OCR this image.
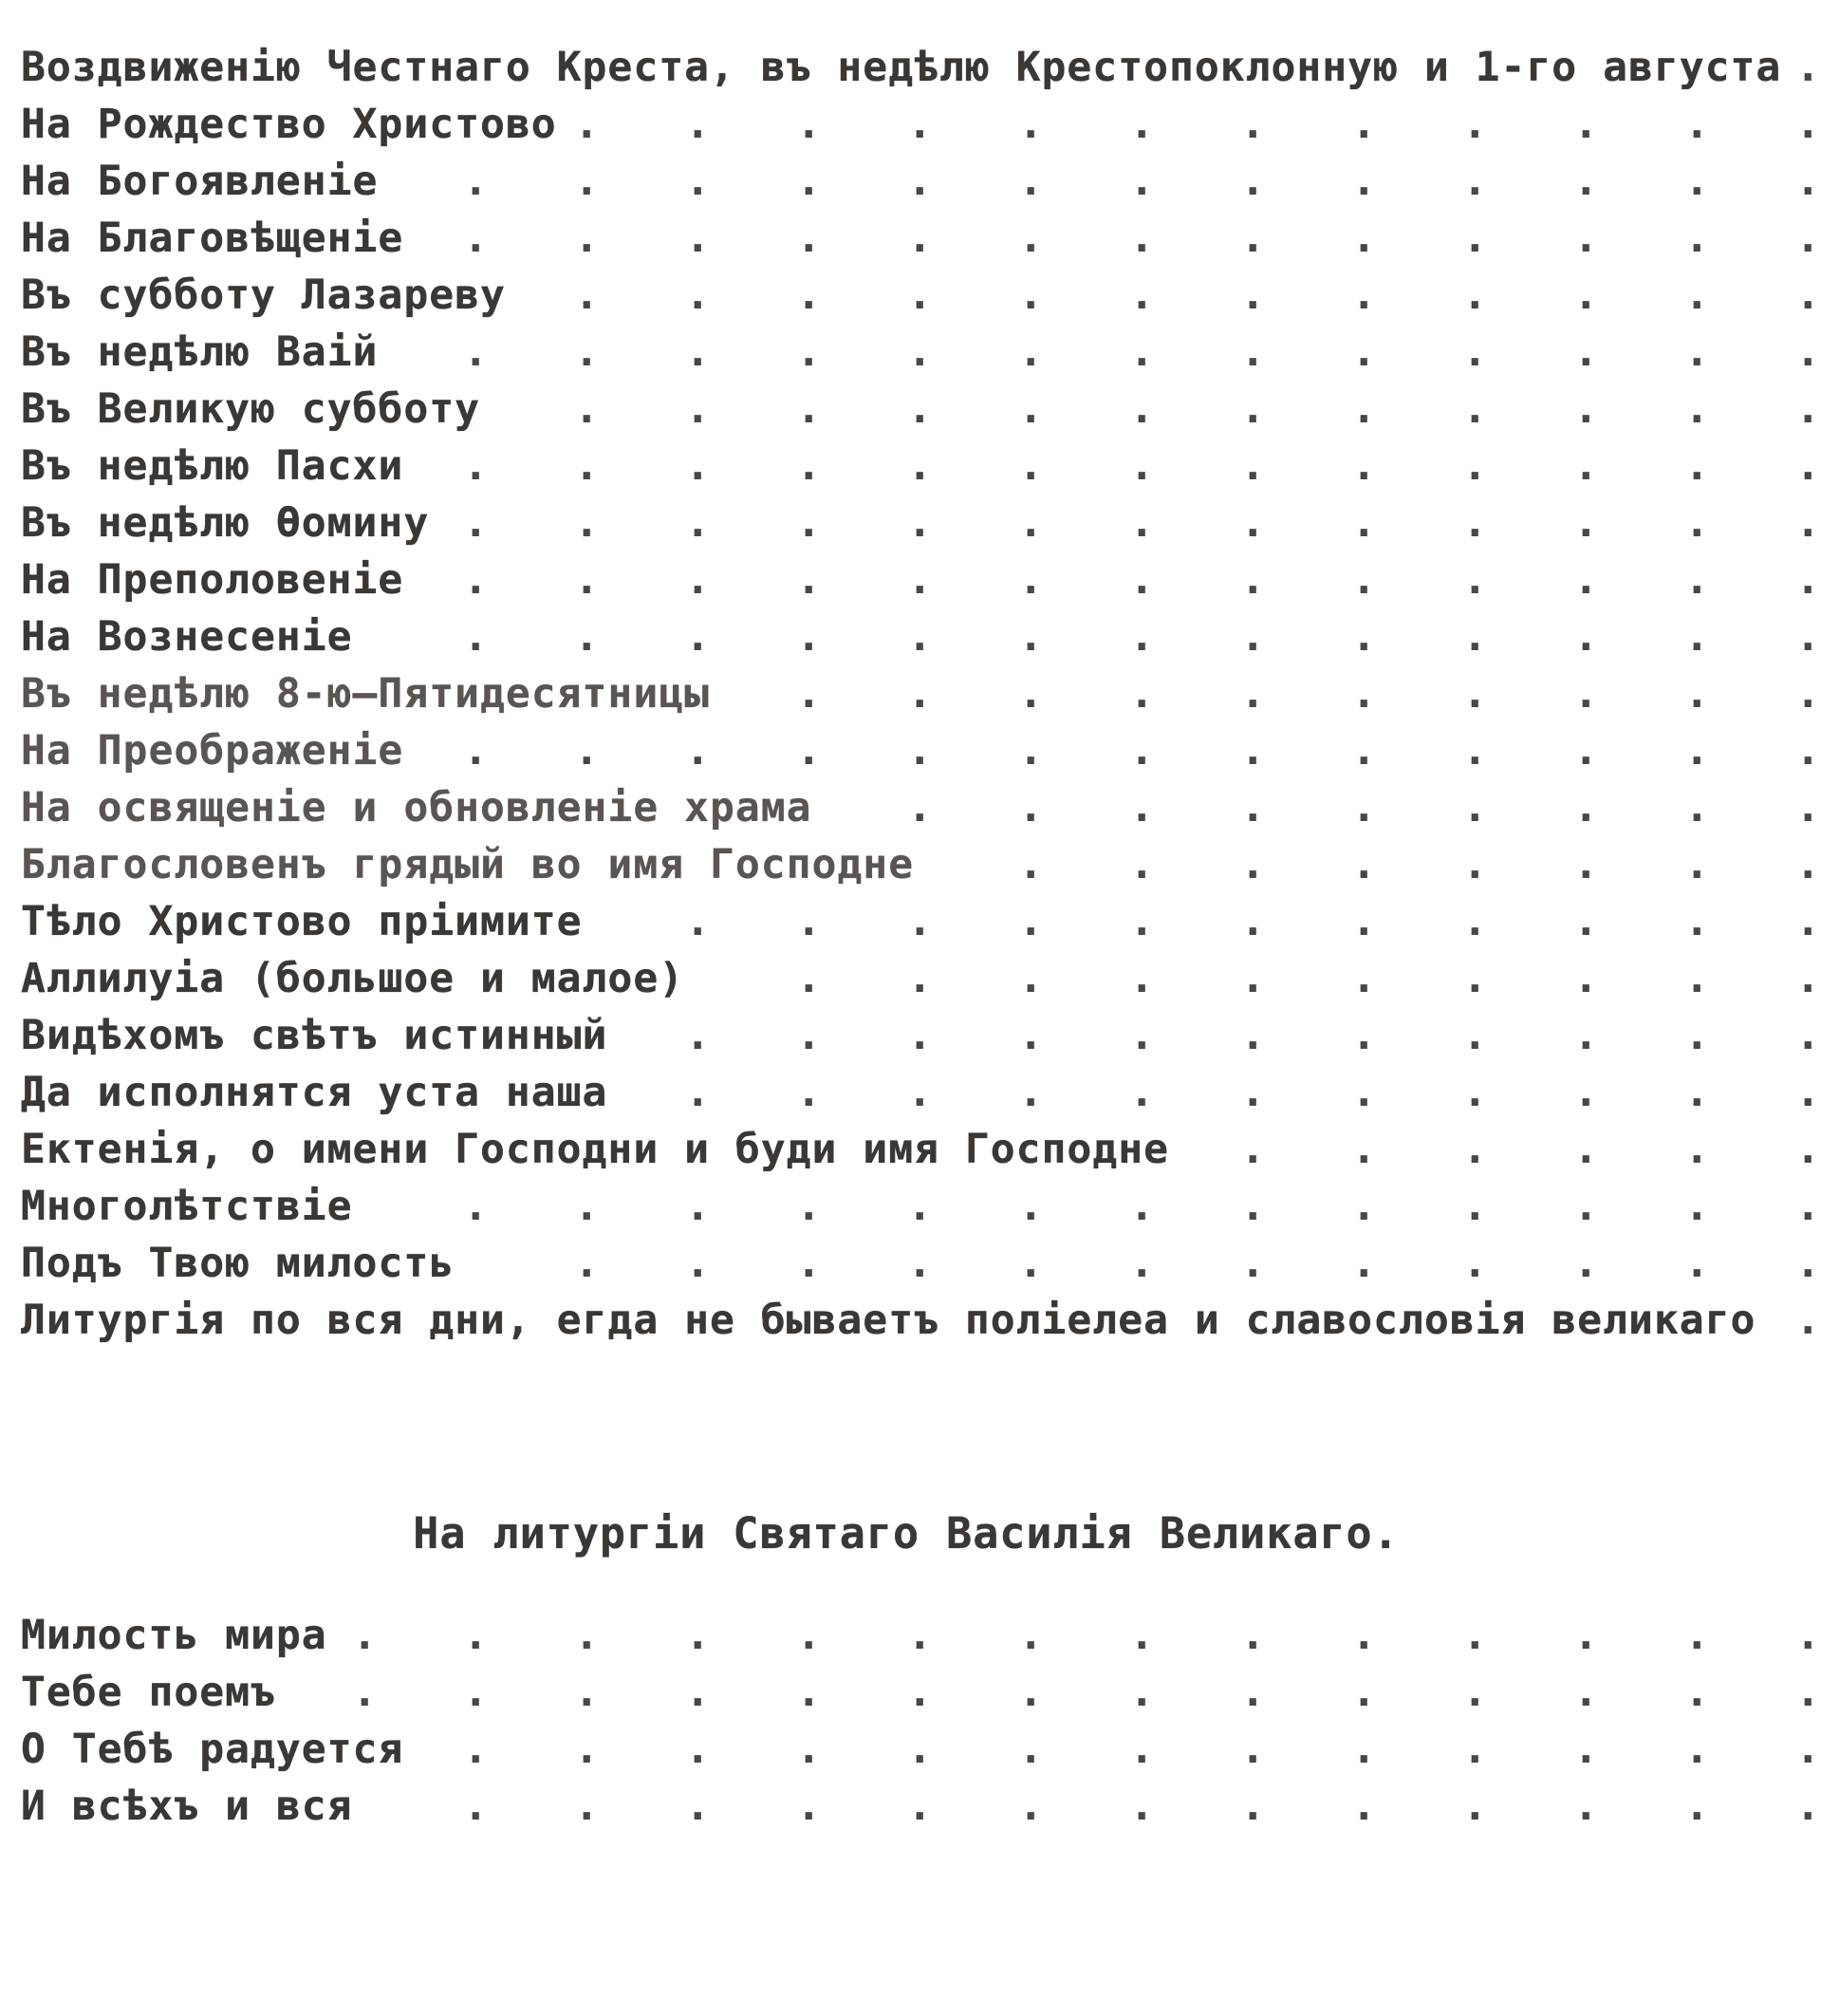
Воздвиженію Честнаго Креста, въ недѣлю Крестопоклонную и 1-го августа .
На Рождество Христово . . . . . . . . . . . .
На Богоявленіе . . . . . . . . . . . . .
На Благовѣщеніе . . . . . . . . . . . . .
Въ субботу Лазареву . . . . . . . . . . . .
Въ недѣлю Ваій . . . . . . . . . . . . .
Въ Великую субботу . . . . . . . . . . . .
Въ недѣлю Пасхи . . . . . . . . . . . . .
Въ недѣлю Ѳомину . . . . . . . . . . . . .
На Преполовеніе . . . . . . . . . . . . .
На Вознесеніе	. . . . . . . . . . . . .
Въ недѣлю 8-ю—Пятидесятницы . . . . . . . . . .
На Преображеніе . . . . . . . . . . . . .
На освященіе и обновленіе храма . . . . . . . . .
Благословенъ грядый во имя Господне . . . . . . . .
Тѣло Христово пріимите . . . . . . . . . . .
Аллилуіа (большое и малое)	. . . . . . . . . .
Видѣхомъ свѣтъ истинный . . . . . . . . . . .
Да исполнятся уста наша . . . . . . . . . . .
Ектенія, о имени Господни и буди имя Господне . . . . . .
Многолѣтствіе	. . . . . . . . . . . . .
Подъ Твою милость	. . . . . . . . . . . .
Литургія по вся дни, егда не бываетъ поліелеа и славословія великаго .
На литургіи Святаго Василія Великаго.
Милость мира . . . . . . . . . . . . . .
Тебе поемъ . . . . . . . . . . . . . .
О Тебѣ радуется . . . . . . . . . . . . .
И всѣхъ и вся	. . . . . . . . . . . . .
